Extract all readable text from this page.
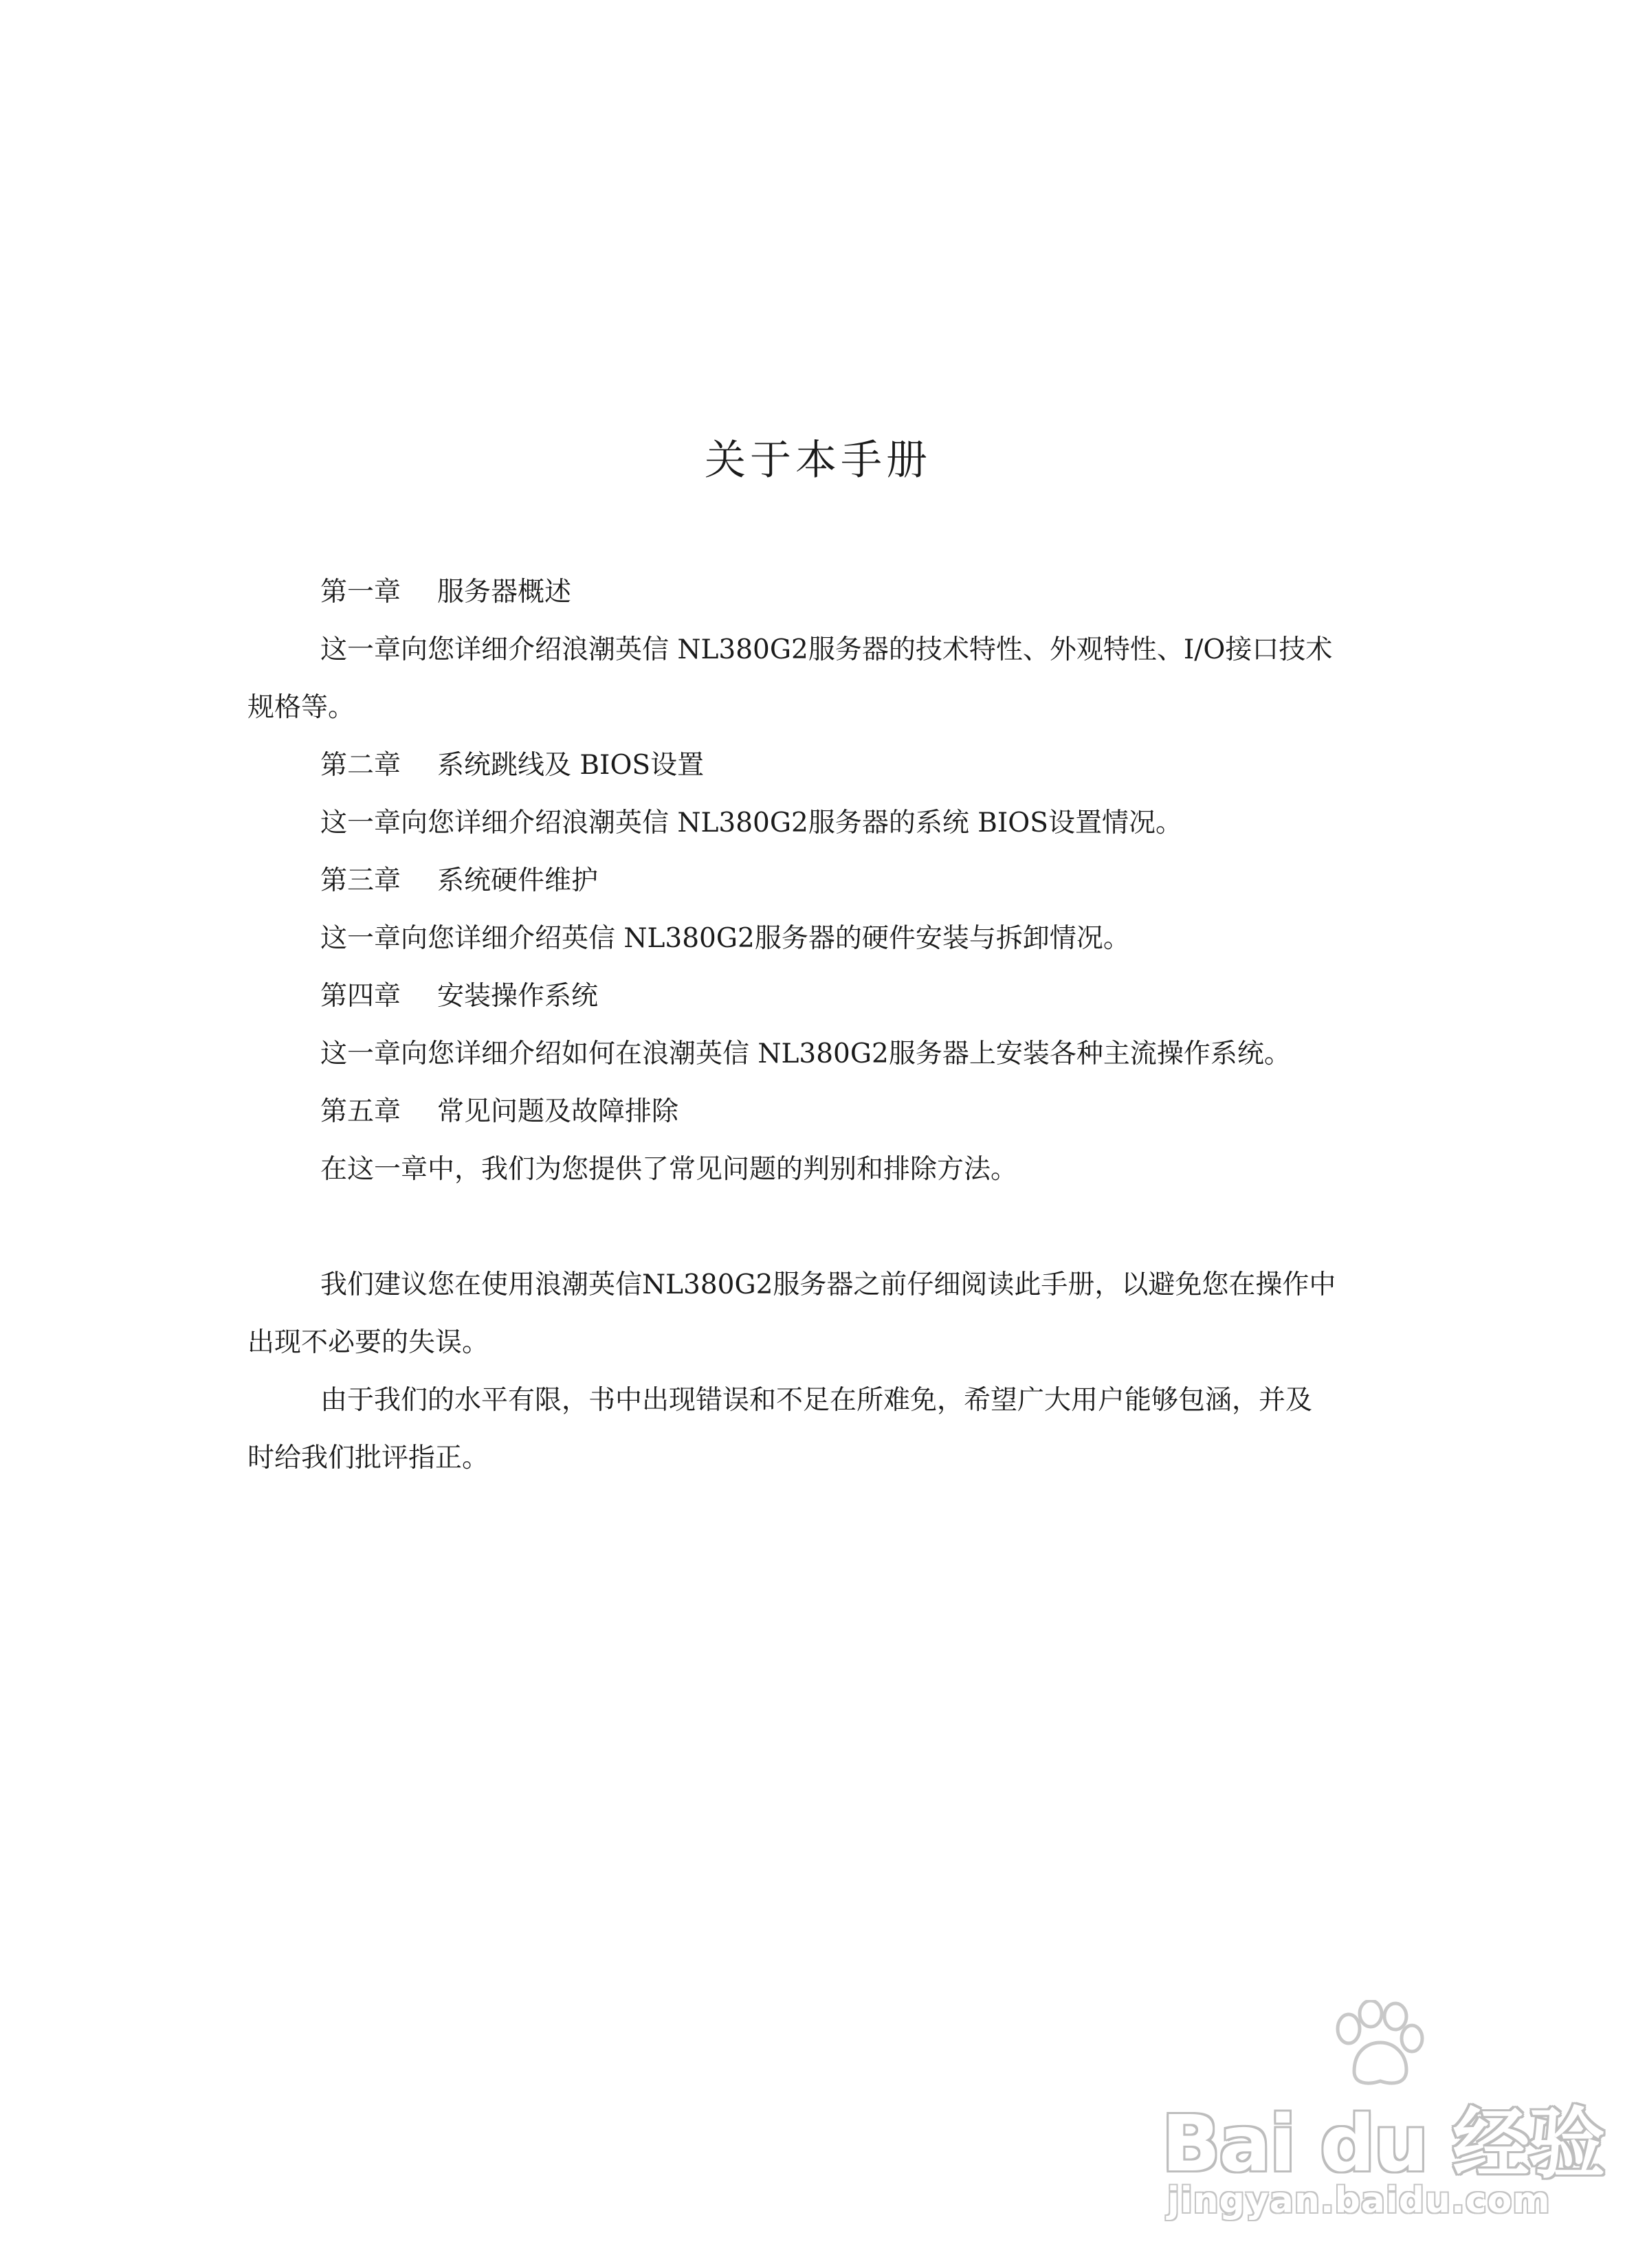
关于本手册
第一章 服务器概述
这一章向您详细介绍浪潮英信 NL380G2服务器的技术特性、外观特性、I/O接口技术
规格等。
第二章 系统跳线及 BIOS设置
这一章向您详细介绍浪潮英信 NL380G2服务器的系统 BIOS设置情况。
第三章 系统硬件维护
这一章向您详细介绍英信 NL380G2服务器的硬件安装与拆卸情况。
第四章 安装操作系统
这一章向您详细介绍如何在浪潮英信 NL380G2服务器上安装各种主流操作系统。
第五章 常见问题及故障排除
在这一章中，我们为您提供了常见问题的判别和排除方法。
我们建议您在使用浪潮英信NL380G2服务器之前仔细阅读此手册，以避免您在操作中
出现不必要的失误。
由于我们的水平有限，书中出现错误和不足在所难免，希望广大用户能够包涵，并及
时给我们批评指正。
Bai du 经验
jingyan.baidu.com
